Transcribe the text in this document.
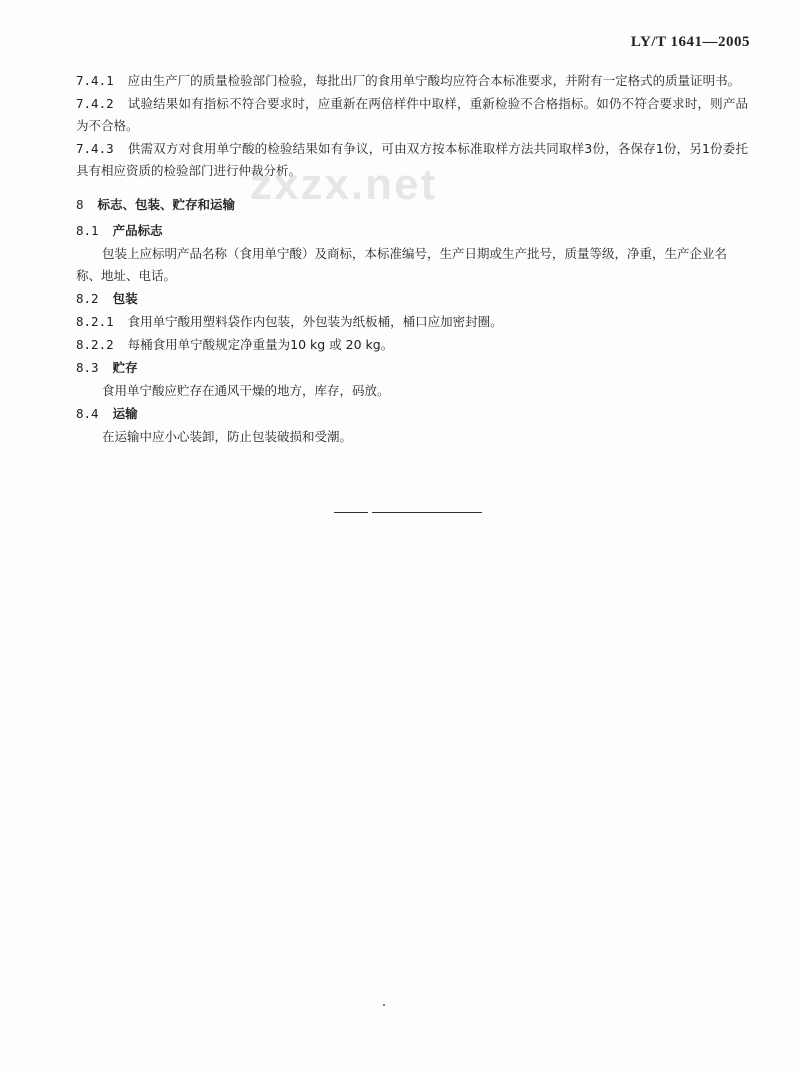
LY/T 1641—2005
zxzx.net

7.4.1 应由生产厂的质量检验部门检验，每批出厂的食用单宁酸均应符合本标准要求，并附有一定格式的质量证明书。

7.4.2 试验结果如有指标不符合要求时，应重新在两倍样件中取样，重新检验不合格指标。如仍不符合要求时，则产品为不合格。

7.4.3 供需双方对食用单宁酸的检验结果如有争议，可由双方按本标准取样方法共同取样3份，各保存1份，另1份委托具有相应资质的检验部门进行仲裁分析。

8 标志、包装、贮存和运输

8.1 产品标志

包装上应标明产品名称（食用单宁酸）及商标，本标准编号，生产日期或生产批号，质量等级，净重，生产企业名称、地址、电话。

8.2 包装

8.2.1 食用单宁酸用塑料袋作内包装，外包装为纸板桶，桶口应加密封圈。

8.2.2 每桶食用单宁酸规定净重量为10 kg 或 20 kg。

8.3 贮存

食用单宁酸应贮存在通风干燥的地方，库存，码放。

8.4 运输

在运输中应小心装卸，防止包装破损和受潮。
